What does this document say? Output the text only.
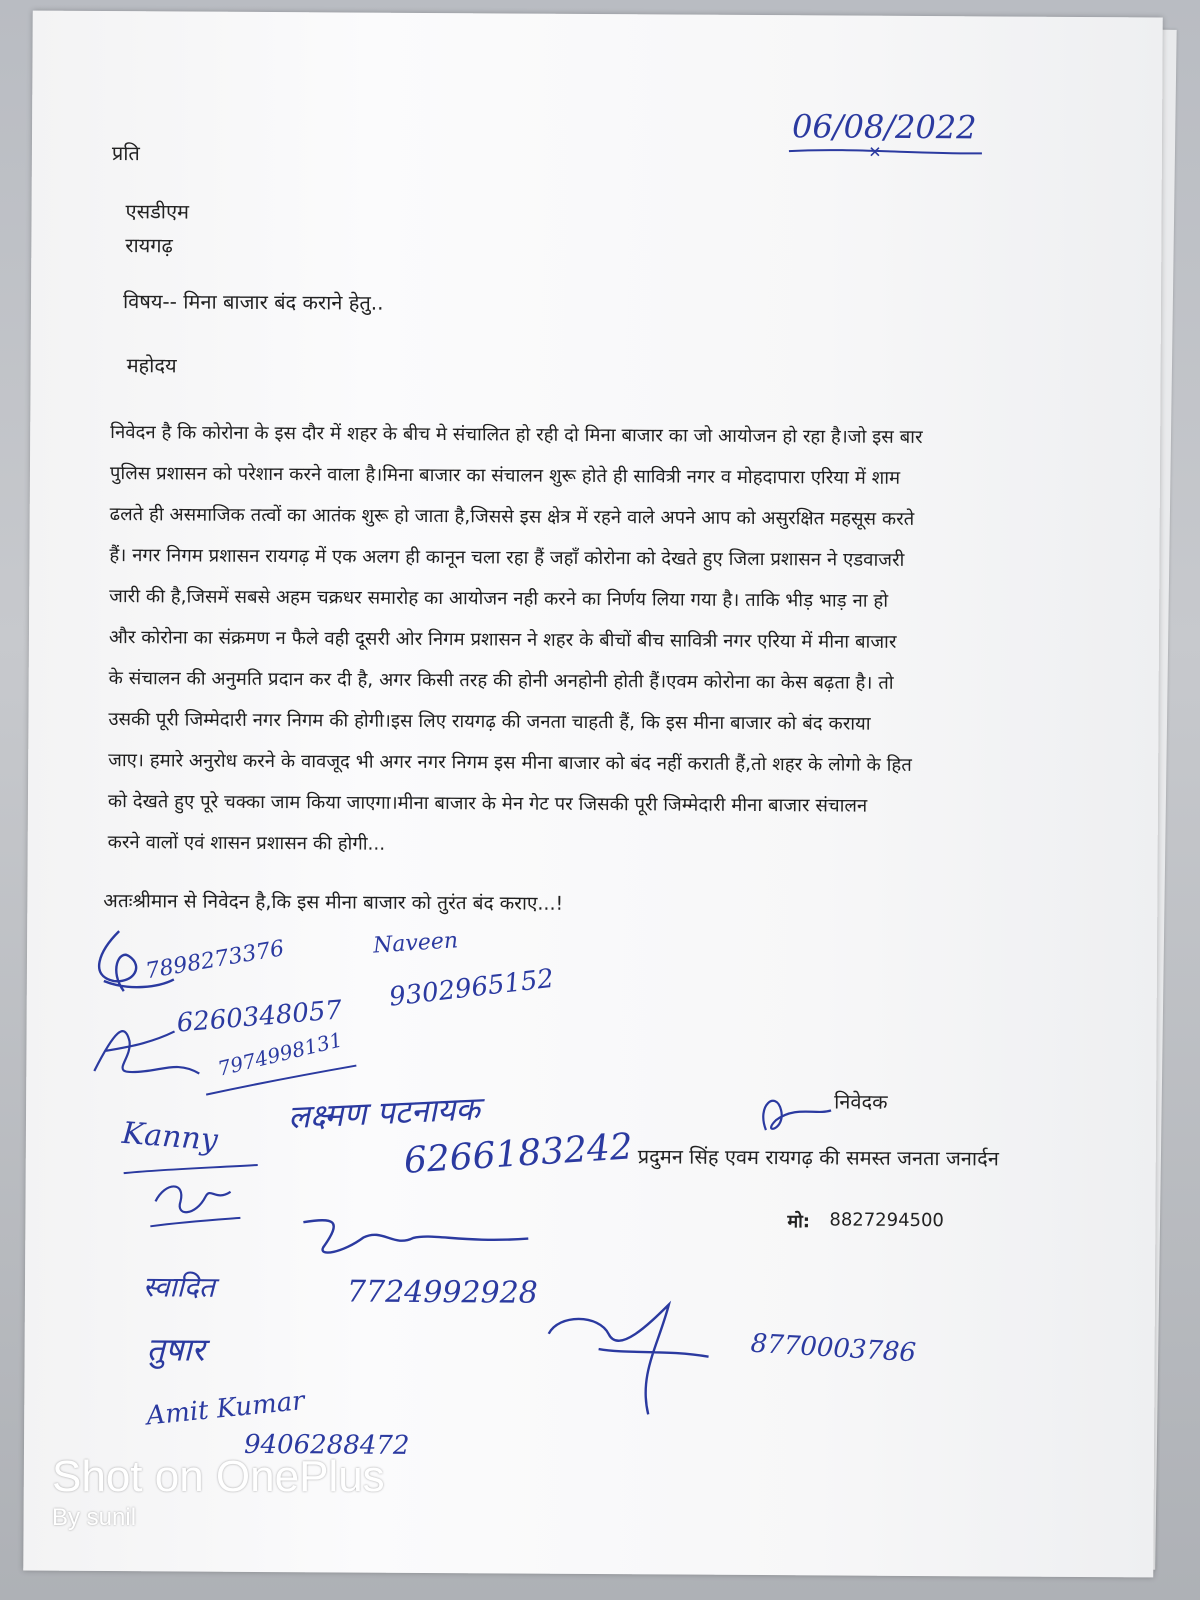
06/08/2022
प्रति
एसडीएम
रायगढ़
विषय-- मिना बाजार बंद कराने हेतु..
महोदय
निवेदन है कि कोरोना के इस दौर में शहर के बीच मे संचालित हो रही दो मिना बाजार का जो आयोजन हो रहा है।जो इस बार
पुलिस प्रशासन को परेशान करने वाला है।मिना बाजार का संचालन शुरू होते ही सावित्री नगर व मोहदापारा एरिया में शाम
ढलते ही असमाजिक तत्वों का आतंक शुरू हो जाता है,जिससे इस क्षेत्र में रहने वाले अपने आप को असुरक्षित महसूस करते
हैं। नगर निगम प्रशासन रायगढ़ में एक अलग ही कानून चला रहा हैं जहाँ कोरोना को देखते हुए जिला प्रशासन ने एडवाजरी
जारी की है,जिसमें सबसे अहम चक्रधर समारोह का आयोजन नही करने का निर्णय लिया गया है। ताकि भीड़ भाड़ ना हो
और कोरोना का संक्रमण न फैले वही दूसरी ओर निगम प्रशासन ने शहर के बीचों बीच सावित्री नगर एरिया में मीना बाजार
के संचालन की अनुमति प्रदान कर दी है, अगर किसी तरह की होनी अनहोनी होती हैं।एवम कोरोना का केस बढ़ता है। तो
उसकी पूरी जिम्मेदारी नगर निगम की होगी।इस लिए रायगढ़ की जनता चाहती हैं, कि इस मीना बाजार को बंद कराया
जाए। हमारे अनुरोध करने के वावजूद भी अगर नगर निगम इस मीना बाजार को बंद नहीं कराती हैं,तो शहर के लोगो के हित
को देखते हुए पूरे चक्का जाम किया जाएगा।मीना बाजार के मेन गेट पर जिसकी पूरी जिम्मेदारी मीना बाजार संचालन
करने वालों एवं शासन प्रशासन की होगी...
अतःश्रीमान से निवेदन है,कि इस मीना बाजार को तुरंत बंद कराए...!
7898273376	Naveen
6260348057
9302965152
7974998131
Kanny
लक्ष्मण पटनायक
6266183242
निवेदक
प्रदुमन सिंह एवम रायगढ़ की समस्त जनता जनार्दन
मो: 8827294500
स्वादित	7724992928
8770003786
तुषार
Amit Kumar
9406288472
Shot on OnePlus
By sunil
